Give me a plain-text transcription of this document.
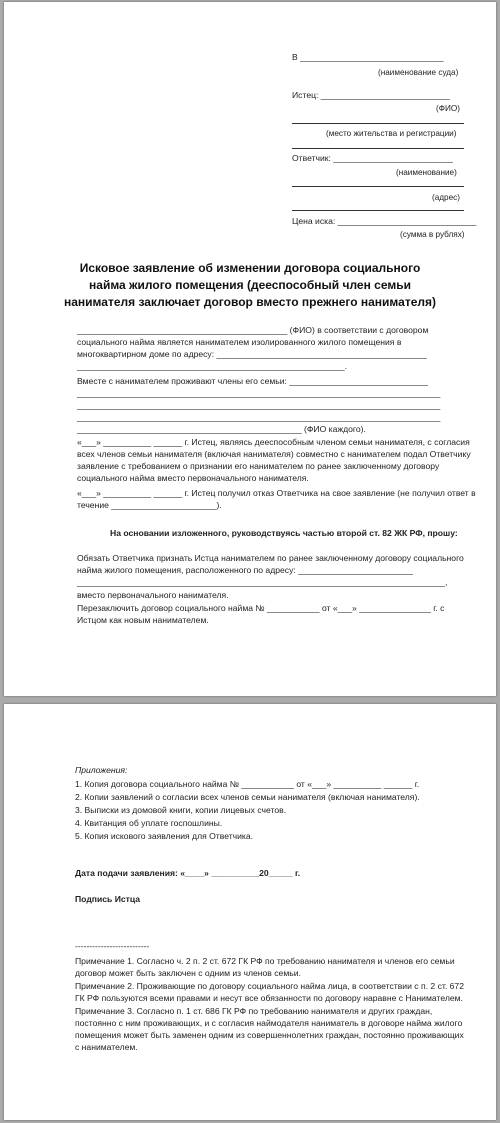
В ______________________________
(наименование суда)
Истец: ___________________________
(ФИО)
(место жительства и регистрации)
Ответчик: _________________________
(наименование)
(адрес)
Цена иска: _____________________________
(сумма в рублях)
Исковое заявление об изменении договора социального найма жилого помещения (дееспособный член семьи нанимателя заключает договор вместо прежнего нанимателя)
____________________________________________ (ФИО) в соответствии с договором
социального найма является нанимателем изолированного жилого помещения в
многоквартирном доме по адресу: ____________________________________________
________________________________________________________.
Вместе с нанимателем проживают члены его семьи: _____________________________
____________________________________________________________________________
____________________________________________________________________________
____________________________________________________________________________
_______________________________________________ (ФИО каждого).
«___» __________ ______ г. Истец, являясь дееспособным членом семьи нанимателя, с согласия
всех членов семьи нанимателя (включая нанимателя) совместно с нанимателем подал Ответчику
заявление с требованием о признании его нанимателем по ранее заключенному договору
социального найма вместо первоначального нанимателя.
«___» __________ ______ г. Истец получил отказ Ответчика на свое заявление (не получил ответ в
течение ______________________).
На основании изложенного, руководствуясь частью второй ст. 82 ЖК РФ, прошу:
Обязать Ответчика признать Истца нанимателем по ранее заключенному договору социального
найма жилого помещения, расположенного по адресу: ________________________
_____________________________________________________________________________,
вместо первоначального нанимателя.
Перезаключить договор социального найма № ___________ от «___» _______________ г. с
Истцом как новым нанимателем.
Приложения:
1. Копия договора социального найма № ___________ от «___» __________ ______ г.
2. Копии заявлений о согласии всех членов семьи нанимателя (включая нанимателя).
3. Выписки из домовой книги, копии лицевых счетов.
4. Квитанция об уплате госпошлины.
5. Копия искового заявления для Ответчика.
Дата подачи заявления: «____» __________20_____ г.
Подпись Истца
--------------------------
Примечание 1. Согласно ч. 2 п. 2 ст. 672 ГК РФ по требованию нанимателя и членов его семьи
договор может быть заключен с одним из членов семьи.
Примечание 2. Проживающие по договору социального найма лица, в соответствии с п. 2 ст. 672
ГК РФ пользуются всеми правами и несут все обязанности по договору наравне с Нанимателем.
Примечание 3. Согласно п. 1 ст. 686 ГК РФ по требованию нанимателя и других граждан,
постоянно с ним проживающих, и с согласия наймодателя наниматель в договоре найма жилого
помещения может быть заменен одним из совершеннолетних граждан, постоянно проживающих
с нанимателем.
